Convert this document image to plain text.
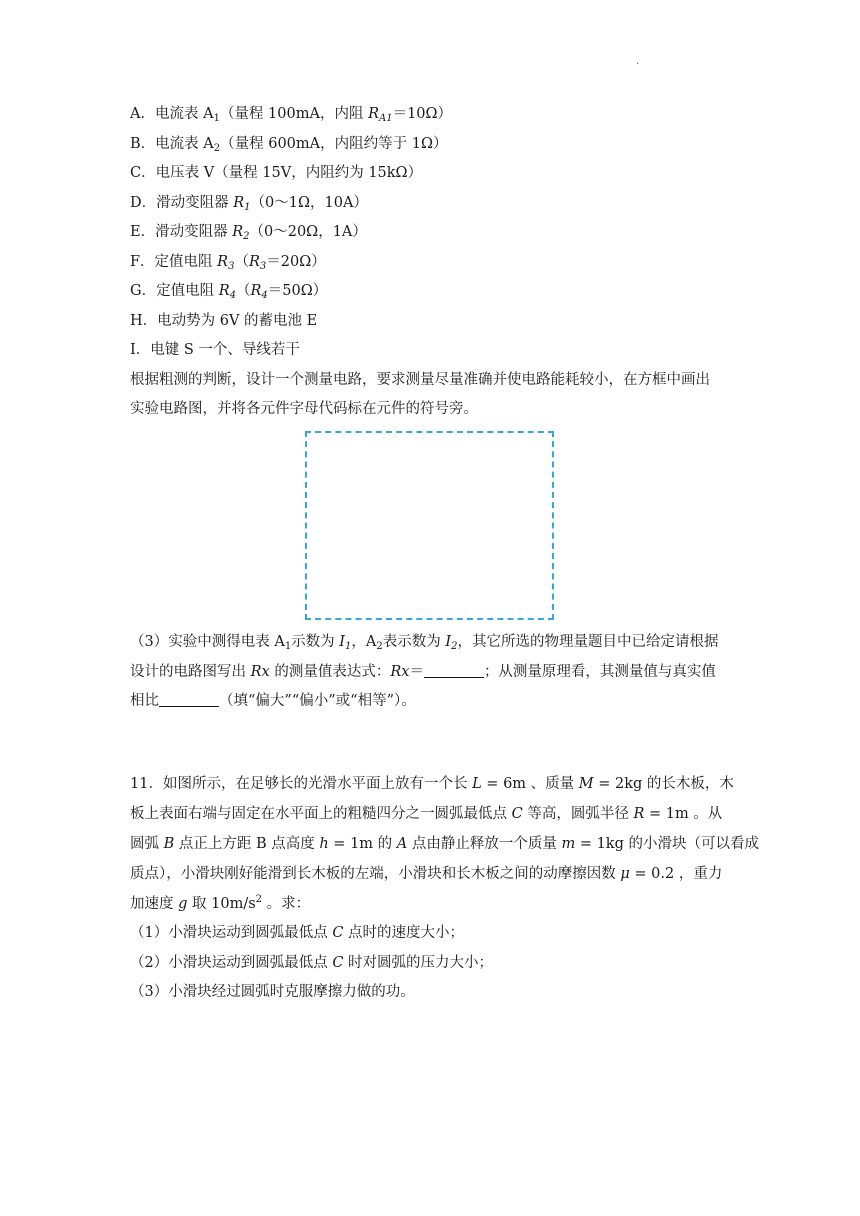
.
A．电流表 $A_1$（量程 100mA，内阻 $R_{A1}=10\Omega$）
B．电流表 $A_2$（量程 600mA，内阻约等于 1Ω）
C．电压表 V（量程 15V，内阻约为 15kΩ）
D．滑动变阻器 $R_1(0\sim 1\Omega$，10A）
E．滑动变阻器 $R_2(0\sim 20\Omega$，1A）
F．定值电阻 $R_3(R_3=20\Omega)$
G．定值电阻 $R_4(R_4=50\Omega)$
H．电动势为 6V 的蓄电池 E
I．电键 S 一个、导线若干
根据粗测的判断，设计一个测量电路，要求测量尽量准确并使电路能耗较小，在方框中画出
实验电路图，并将各元件字母代码标在元件的符号旁。
（3）实验中测得电表 $A_1$示数为 $I_1$，$A_2$表示数为 $I_2$，其它所选的物理量题目中已给定请根据
设计的电路图写出 Rx 的测量值表达式：Rx＝	；从测量原理看，其测量值与真实值
相比	（填“偏大”“偏小”或“相等”）。
11．如图所示，在足够长的光滑水平面上放有一个长 L = 6m 、质量 M = 2kg 的长木板，木
板上表面右端与固定在水平面上的粗糙四分之一圆弧最低点 C 等高，圆弧半径 R = 1m 。从
圆弧 B 点正上方距 B 点高度 h = 1m 的 A 点由静止释放一个质量 m = 1kg 的小滑块（可以看成
质点），小滑块刚好能滑到长木板的左端，小滑块和长木板之间的动摩擦因数 μ = 0.2 ，重力
加速度 g 取 $10m/s^2$ 。求：
（1）小滑块运动到圆弧最低点 C 点时的速度大小；
（2）小滑块运动到圆弧最低点 C 时对圆弧的压力大小；
（3）小滑块经过圆弧时克服摩擦力做的功。
